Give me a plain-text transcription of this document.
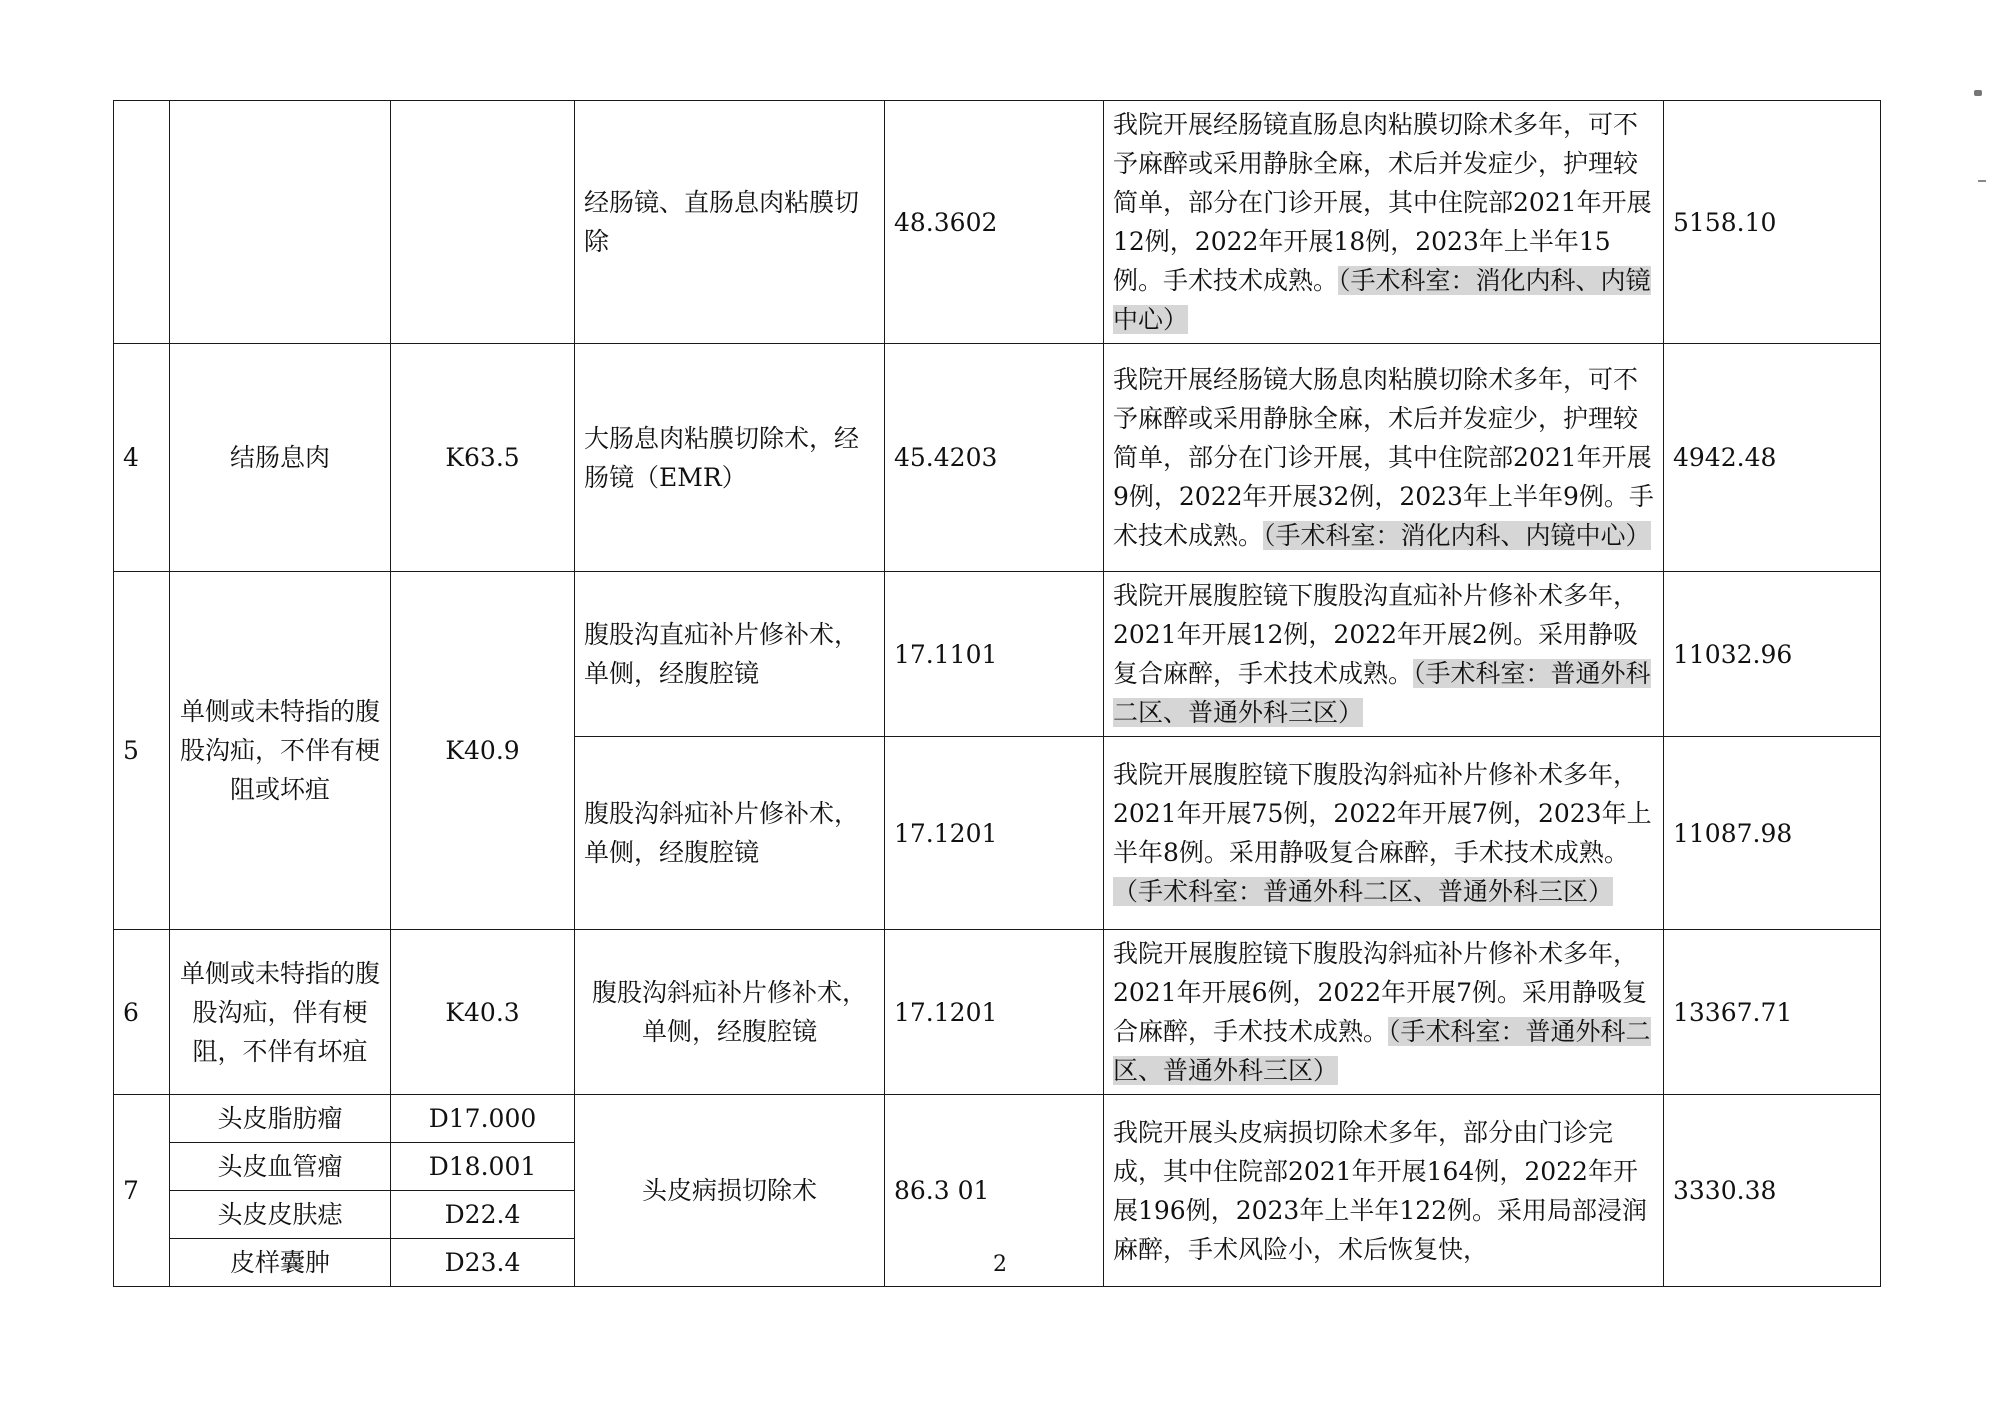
			经肠镜、直肠息肉粘膜切除	48.3602	我院开展经肠镜直肠息肉粘膜切除术多年，可不予麻醉或采用静脉全麻，术后并发症少，护理较简单，部分在门诊开展，其中住院部2021年开展12例，2022年开展18例，2023年上半年15例。手术技术成熟。（手术科室：消化内科、内镜中心）	5158.10
4	结肠息肉	K63.5	大肠息肉粘膜切除术，经肠镜（EMR）	45.4203	我院开展经肠镜大肠息肉粘膜切除术多年，可不予麻醉或采用静脉全麻，术后并发症少，护理较简单，部分在门诊开展，其中住院部2021年开展9例，2022年开展32例，2023年上半年9例。手术技术成熟。（手术科室：消化内科、内镜中心）	4942.48
5	单侧或未特指的腹股沟疝，不伴有梗阻或坏疽	K40.9	腹股沟直疝补片修补术，单侧，经腹腔镜	17.1101	我院开展腹腔镜下腹股沟直疝补片修补术多年，2021年开展12例，2022年开展2例。采用静吸复合麻醉，手术技术成熟。（手术科室：普通外科二区、普通外科三区）	11032.96
			腹股沟斜疝补片修补术，单侧，经腹腔镜	17.1201	我院开展腹腔镜下腹股沟斜疝补片修补术多年，2021年开展75例，2022年开展7例，2023年上半年8例。采用静吸复合麻醉，手术技术成熟。（手术科室：普通外科二区、普通外科三区）	11087.98
6	单侧或未特指的腹股沟疝，伴有梗阻，不伴有坏疽	K40.3	腹股沟斜疝补片修补术，单侧，经腹腔镜	17.1201	我院开展腹腔镜下腹股沟斜疝补片修补术多年，2021年开展6例，2022年开展7例。采用静吸复合麻醉，手术技术成熟。（手术科室：普通外科二区、普通外科三区）	13367.71
7	头皮脂肪瘤	D17.000	头皮病损切除术	86.3 01	我院开展头皮病损切除术多年，部分由门诊完成，其中住院部2021年开展164例，2022年开展196例，2023年上半年122例。采用局部浸润麻醉，手术风险小，术后恢复快，	3330.38
	头皮血管瘤	D18.001				
	头皮皮肤痣	D22.4				
	皮样囊肿	D23.4					2
